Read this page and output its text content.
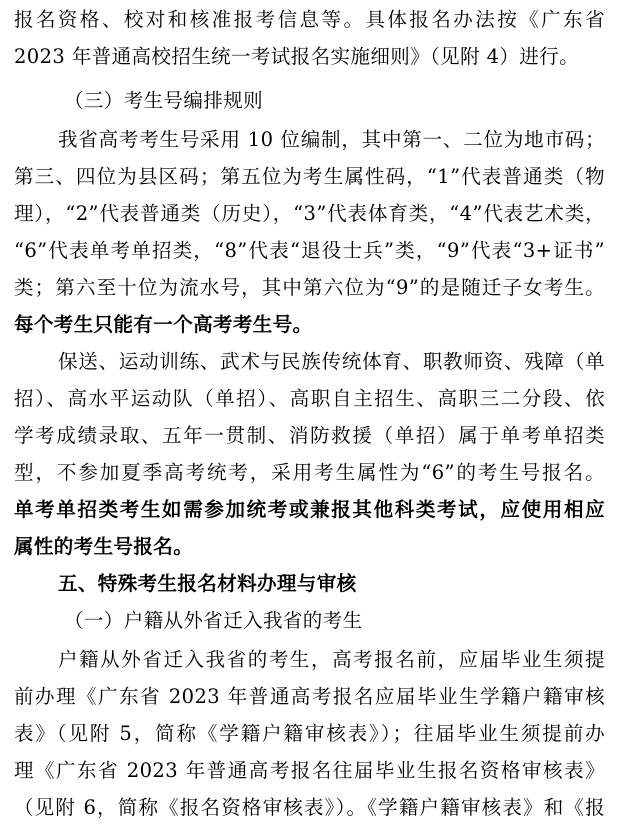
报名资格、校对和核准报考信息等。具体报名办法按《广东省
2023 年普通高校招生统一考试报名实施细则》（见附 4）进行。
（三）考生号编排规则
我省高考考生号采用 10 位编制，其中第一、二位为地市码；
第三、四位为县区码；第五位为考生属性码，“1”代表普通类（物
理），“2”代表普通类（历史），“3”代表体育类，“4”代表艺术类，
“6”代表单考单招类，“8”代表“退役士兵”类，“9”代表“3+证书”
类；第六至十位为流水号，其中第六位为“9”的是随迁子女考生。
每个考生只能有一个高考考生号。
保送、运动训练、武术与民族传统体育、职教师资、残障（单
招）、高水平运动队（单招）、高职自主招生、高职三二分段、依
学考成绩录取、五年一贯制、消防救援（单招）属于单考单招类
型，不参加夏季高考统考，采用考生属性为“6”的考生号报名。
单考单招类考生如需参加统考或兼报其他科类考试，应使用相应
属性的考生号报名。
五、特殊考生报名材料办理与审核
（一）户籍从外省迁入我省的考生
户籍从外省迁入我省的考生，高考报名前，应届毕业生须提
前办理《广东省 2023 年普通高考报名应届毕业生学籍户籍审核
表》（见附 5，简称《学籍户籍审核表》）；往届毕业生须提前办
理《广东省 2023 年普通高考报名往届毕业生报名资格审核表》
（见附 6，简称《报名资格审核表》）。《学籍户籍审核表》和《报
